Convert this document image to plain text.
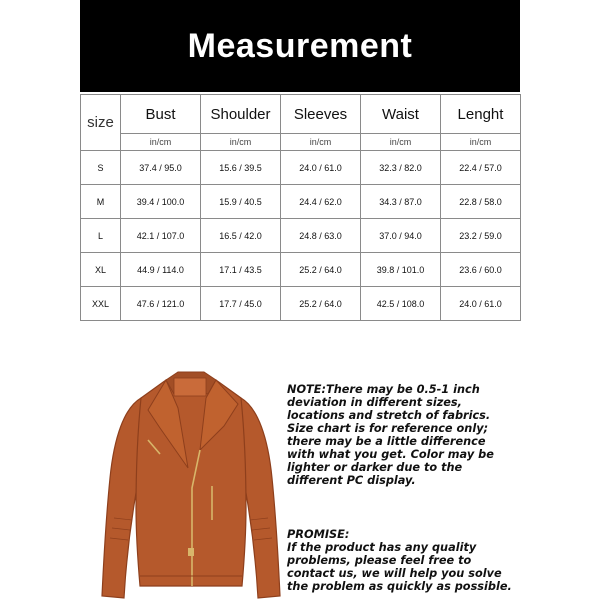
Measurement
size	Bust	Shoulder	Sleeves	Waist	Lenght
	in/cm	in/cm	in/cm	in/cm	in/cm
S	37.4 / 95.0	15.6 / 39.5	24.0 / 61.0	32.3 / 82.0	22.4 / 57.0
M	39.4 / 100.0	15.9 / 40.5	24.4 / 62.0	34.3 / 87.0	22.8 / 58.0
L	42.1 / 107.0	16.5 / 42.0	24.8 / 63.0	37.0 / 94.0	23.2 / 59.0
XL	44.9 / 114.0	17.1 / 43.5	25.2 / 64.0	39.8 / 101.0	23.6 / 60.0
XXL	47.6 / 121.0	17.7 / 45.0	25.2 / 64.0	42.5 / 108.0	24.0 / 61.0
NOTE:There may be 0.5-1 inch deviation in different sizes, locations and stretch of fabrics. Size chart is for reference only; there may be a little difference with what you get. Color may be lighter or darker due to the different PC display.
PROMISE:
If the product has any quality problems, please feel free to contact us, we will help you solve the problem as quickly as possible.
